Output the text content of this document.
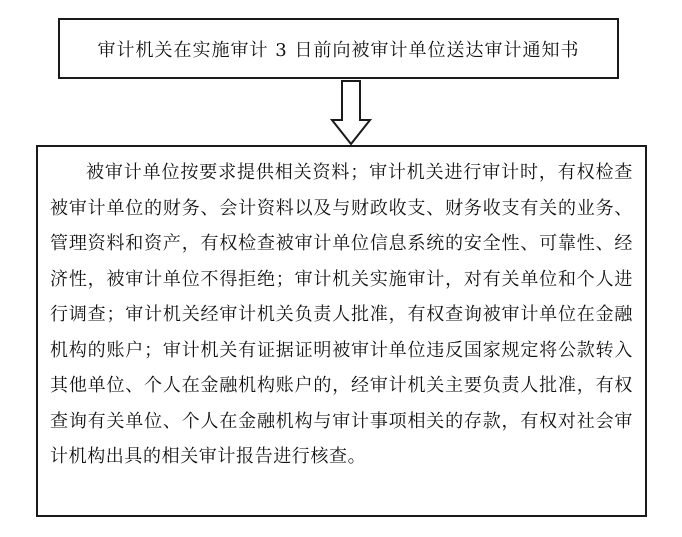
审计机关在实施审计 3 日前向被审计单位送达审计通知书

被审计单位按要求提供相关资料；审计机关进行审计时，有权检查被审计单位的财务、会计资料以及与财政收支、财务收支有关的业务、管理资料和资产，有权检查被审计单位信息系统的安全性、可靠性、经济性，被审计单位不得拒绝；审计机关实施审计，对有关单位和个人进行调查；审计机关经审计机关负责人批准，有权查询被审计单位在金融机构的账户；审计机关有证据证明被审计单位违反国家规定将公款转入其他单位、个人在金融机构账户的，经审计机关主要负责人批准，有权查询有关单位、个人在金融机构与审计事项相关的存款，有权对社会审计机构出具的相关审计报告进行核查。
